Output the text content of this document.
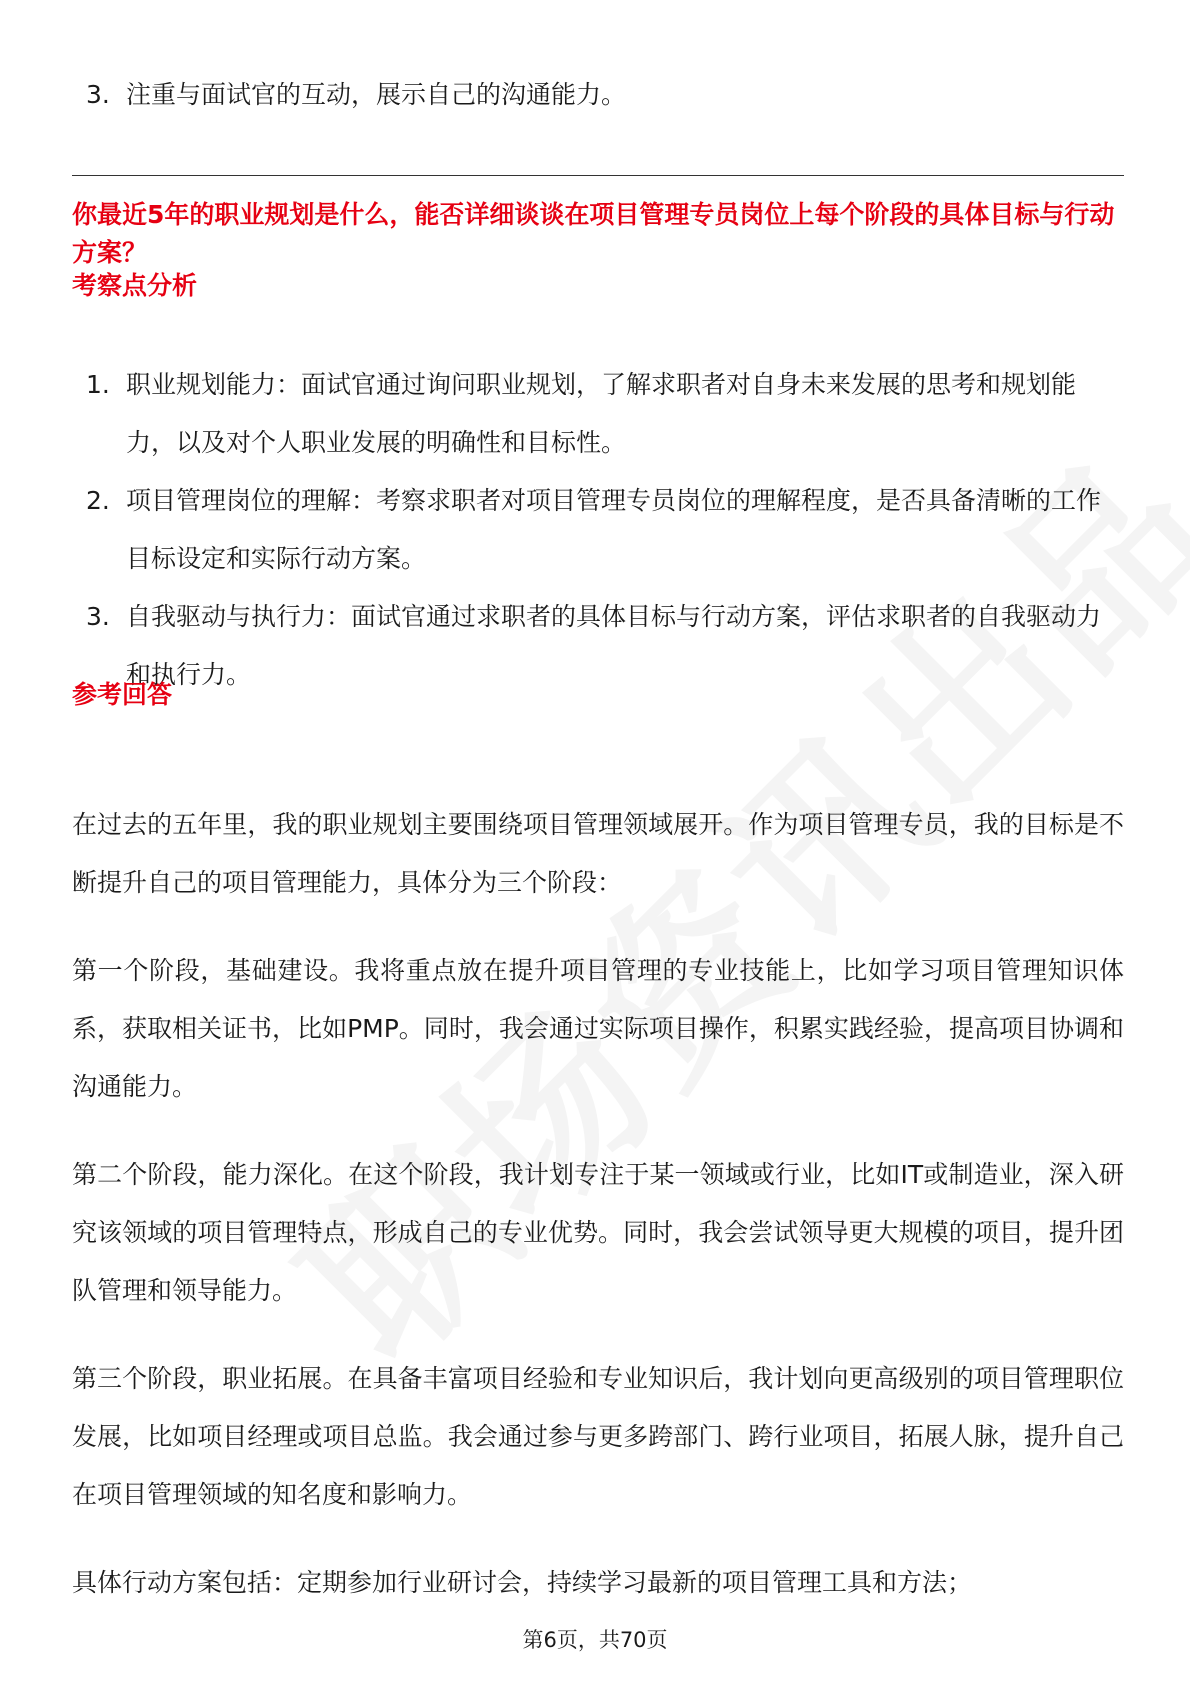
3. 注重与面试官的互动，展示自己的沟通能力。
你最近5年的职业规划是什么，能否详细谈谈在项目管理专员岗位上每个阶段的具体目标与行动方案？
考察点分析
1. 职业规划能力：面试官通过询问职业规划，了解求职者对自身未来发展的思考和规划能力，以及对个人职业发展的明确性和目标性。
2. 项目管理岗位的理解：考察求职者对项目管理专员岗位的理解程度，是否具备清晰的工作目标设定和实际行动方案。
3. 自我驱动与执行力：面试官通过求职者的具体目标与行动方案，评估求职者的自我驱动力和执行力。
参考回答

在过去的五年里，我的职业规划主要围绕项目管理领域展开。作为项目管理专员，我的目标是不断提升自己的项目管理能力，具体分为三个阶段：

第一个阶段，基础建设。我将重点放在提升项目管理的专业技能上，比如学习项目管理知识体系，获取相关证书，比如PMP。同时，我会通过实际项目操作，积累实践经验，提高项目协调和沟通能力。

第二个阶段，能力深化。在这个阶段，我计划专注于某一领域或行业，比如IT或制造业，深入研究该领域的项目管理特点，形成自己的专业优势。同时，我会尝试领导更大规模的项目，提升团队管理和领导能力。

第三个阶段，职业拓展。在具备丰富项目经验和专业知识后，我计划向更高级别的项目管理职位发展，比如项目经理或项目总监。我会通过参与更多跨部门、跨行业项目，拓展人脉，提升自己在项目管理领域的知名度和影响力。

具体行动方案包括：定期参加行业研讨会，持续学习最新的项目管理工具和方法；

第6页，共70页
